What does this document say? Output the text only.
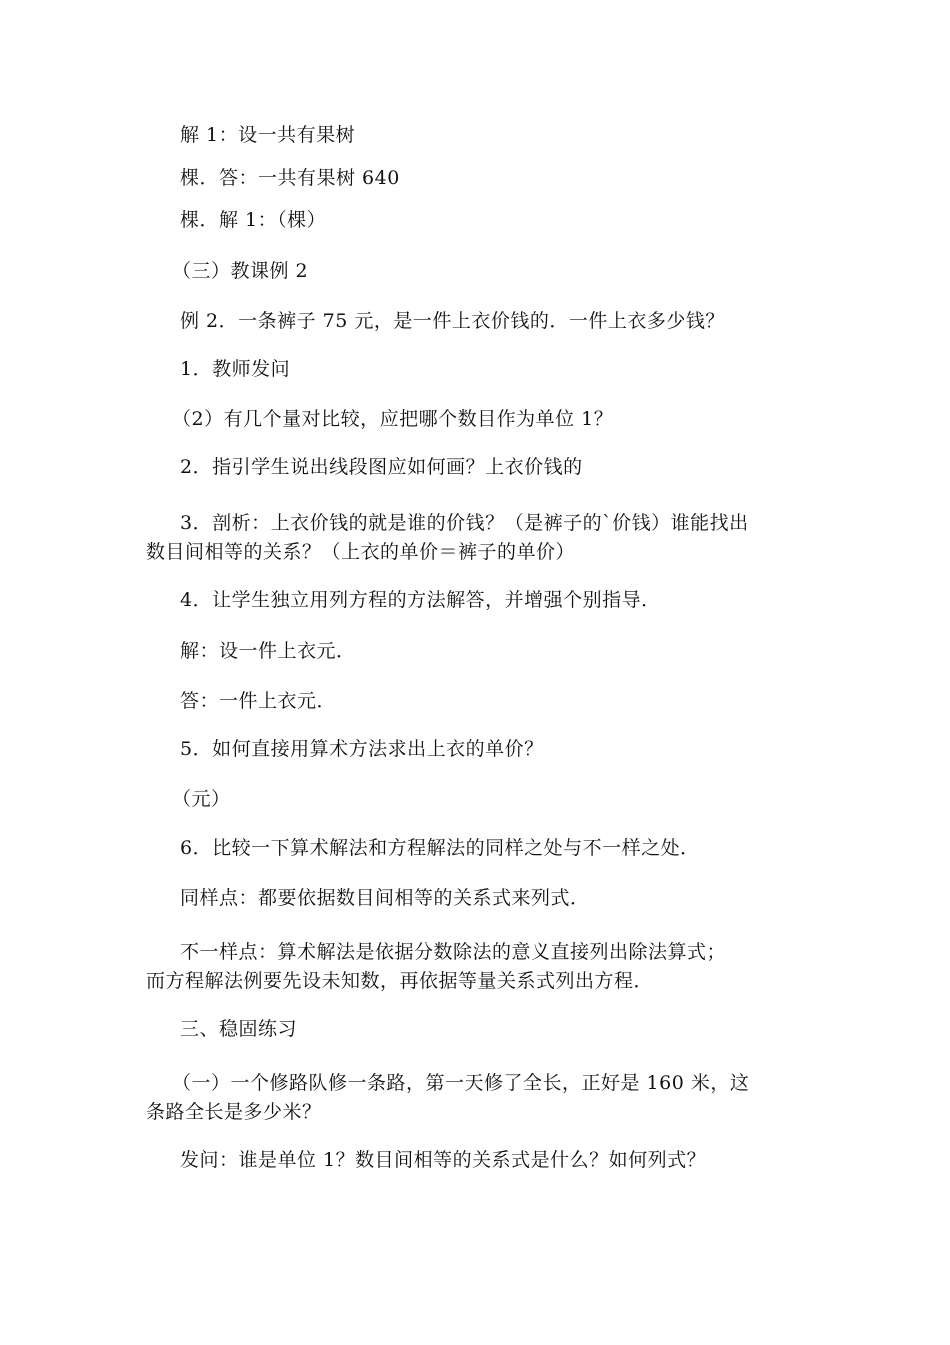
解 1：设一共有果树
棵．答：一共有果树 640
棵．解 1：（棵）
（三）教课例 2
例 2．一条裤子 75 元，是一件上衣价钱的．一件上衣多少钱？
1．教师发问
（2）有几个量对比较，应把哪个数目作为单位 1？
2．指引学生说出线段图应如何画？上衣价钱的
3．剖析：上衣价钱的就是谁的价钱？（是裤子的`价钱）谁能找出
数目间相等的关系？（上衣的单价＝裤子的单价）
4．让学生独立用列方程的方法解答，并增强个别指导．
解：设一件上衣元．
答：一件上衣元．
5．如何直接用算术方法求出上衣的单价？
（元）
6．比较一下算术解法和方程解法的同样之处与不一样之处．
同样点：都要依据数目间相等的关系式来列式．
不一样点：算术解法是依据分数除法的意义直接列出除法算式；
而方程解法例要先设未知数，再依据等量关系式列出方程．
三、稳固练习
（一）一个修路队修一条路，第一天修了全长，正好是 160 米，这
条路全长是多少米？
发问：谁是单位 1？数目间相等的关系式是什么？如何列式？
